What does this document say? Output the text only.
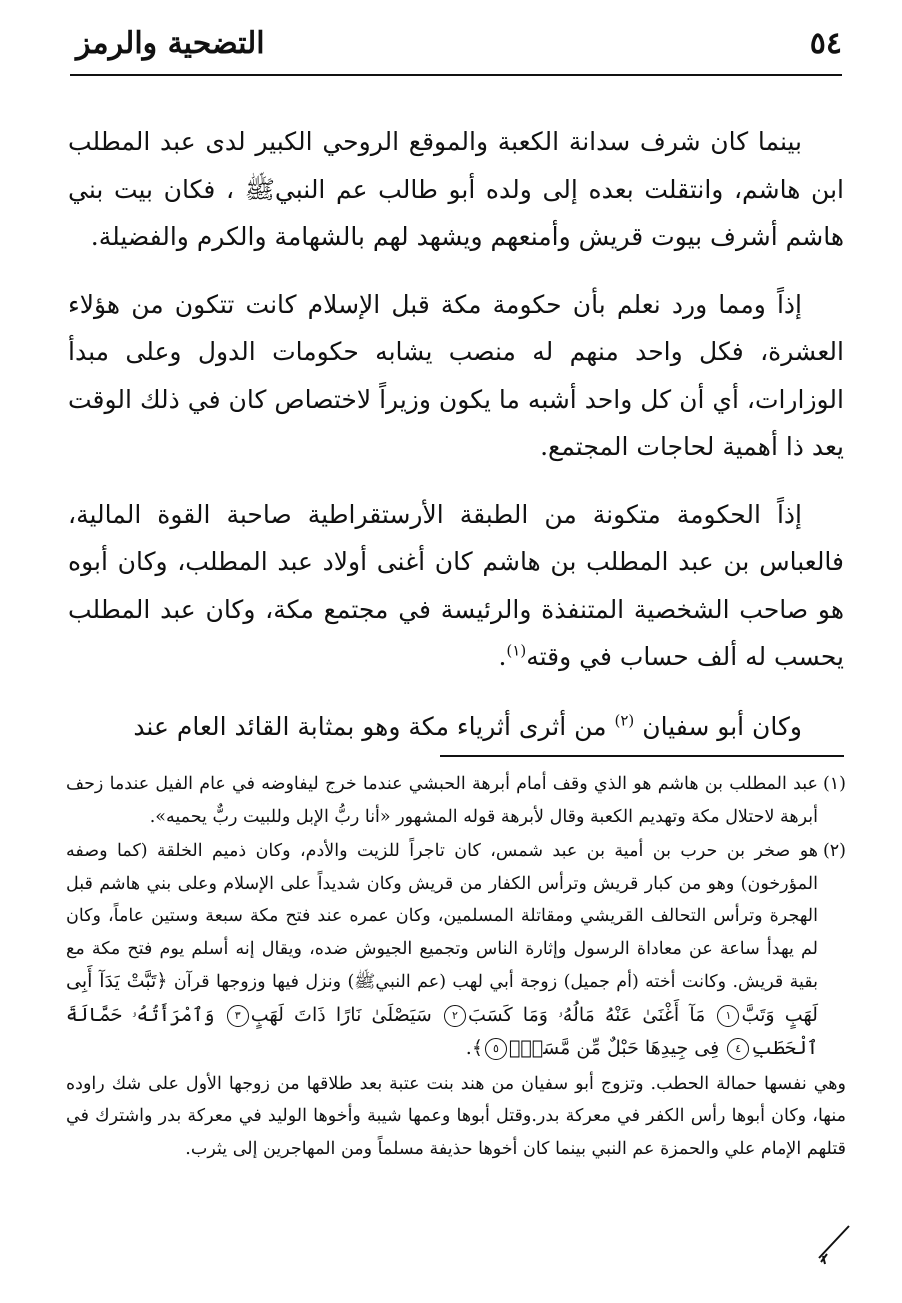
٥٤
التضحية والرمز

بينما كان شرف سدانة الكعبة والموقع الروحي الكبير لدى عبد المطلب ابن هاشم، وانتقلت بعده إلى ولده أبو طالب عم النبيﷺ ، فكان بيت بني هاشم أشرف بيوت قريش وأمنعهم ويشهد لهم بالشهامة والكرم والفضيلة.

إذاً ومما ورد نعلم بأن حكومة مكة قبل الإسلام كانت تتكون من هؤلاء العشرة، فكل واحد منهم له منصب يشابه حكومات الدول وعلى مبدأ الوزارات، أي أن كل واحد أشبه ما يكون وزيراً لاختصاص كان في ذلك الوقت يعد ذا أهمية لحاجات المجتمع.

إذاً الحكومة متكونة من الطبقة الأرستقراطية صاحبة القوة المالية، فالعباس بن عبد المطلب بن هاشم كان أغنى أولاد عبد المطلب، وكان أبوه هو صاحب الشخصية المتنفذة والرئيسة في مجتمع مكة، وكان عبد المطلب يحسب له ألف حساب في وقته$^{(١)}$.

وكان أبو سفيان $^{(٢)}$ من أثرى أثرياء مكة وهو بمثابة القائد العام عند

(١)
عبد المطلب بن هاشم هو الذي وقف أمام أبرهة الحبشي عندما خرج ليفاوضه في عام الفيل عندما زحف أبرهة لاحتلال مكة وتهديم الكعبة وقال لأبرهة قوله المشهور «أنا ربُّ الإبل وللبيت ربٌّ يحميه».
(٢)
هو صخر بن حرب بن أمية بن عبد شمس، كان تاجراً للزيت والأدم، وكان ذميم الخلقة (كما وصفه المؤرخون) وهو من كبار قريش وترأس الكفار من قريش وكان شديداً على الإسلام وعلى بني هاشم قبل الهجرة وترأس التحالف القريشي ومقاتلة المسلمين، وكان عمره عند فتح مكة سبعة وستين عاماً، وكان لم يهدأ ساعة عن معاداة الرسول وإثارة الناس وتجميع الجيوش ضده، ويقال إنه أسلم يوم فتح مكة مع بقية قريش. وكانت أخته (أم جميل) زوجة أبي لهب (عم النبيﷺ) ونزل فيها وزوجها قرآن ﴿تَبَّتْ يَدَآ أَبِى لَهَبٍ وَتَبَّ١ مَآ أَغْنَىٰ عَنْهُ مَالُهُۥ وَمَا كَسَبَ٢ سَيَصْلَىٰ نَارًا ذَاتَ لَهَبٍ٣ وَٱمْرَأَتُهُۥ حَمَّالَةَ ٱلْحَطَبِ٤ فِى جِيدِهَا حَبْلٌ مِّن مَّسَدٍۭ٥﴾.
وهي نفسها حمالة الحطب. وتزوج أبو سفيان من هند بنت عتبة بعد طلاقها من زوجها الأول على شك راوده منها، وكان أبوها رأس الكفر في معركة بدر.وقتل أبوها وعمها شيبة وأخوها الوليد في معركة بدر واشترك في قتلهم الإمام علي والحمزة عم النبي بينما كان أخوها حذيفة مسلماً ومن المهاجرين إلى يثرب.
